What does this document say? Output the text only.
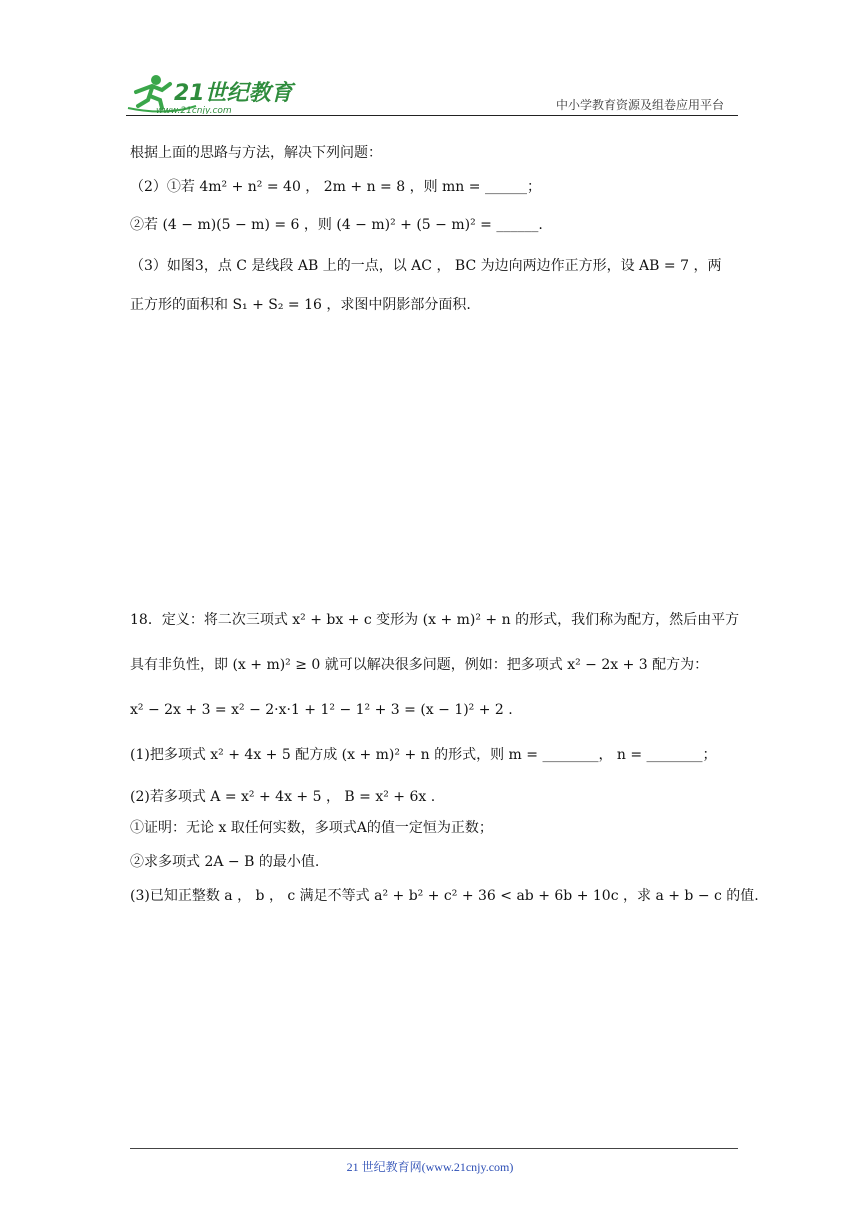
21世纪教育
www.21cnjy.com	中小学教育资源及组卷应用平台
根据上面的思路与方法，解决下列问题：
（2）①若 4m² + n² = 40 ， 2m + n = 8 ，则 mn = ______；
②若 (4 − m)(5 − m) = 6 ，则 (4 − m)² + (5 − m)² = ______.
（3）如图3，点 C 是线段 AB 上的一点，以 AC ， BC 为边向两边作正方形，设 AB = 7 ，两
正方形的面积和 S₁ + S₂ = 16 ，求图中阴影部分面积.
18．定义：将二次三项式 x² + bx + c 变形为 (x + m)² + n 的形式，我们称为配方，然后由平方
具有非负性，即 (x + m)² ≥ 0 就可以解决很多问题，例如：把多项式 x² − 2x + 3 配方为：
x² − 2x + 3 = x² − 2·x·1 + 1² − 1² + 3 = (x − 1)² + 2 .
(1)把多项式 x² + 4x + 5 配方成 (x + m)² + n 的形式，则 m = ________， n = ________；
(2)若多项式 A = x² + 4x + 5 ， B = x² + 6x .
①证明：无论 x 取任何实数，多项式A的值一定恒为正数；
②求多项式 2A − B 的最小值.
(3)已知正整数 a ， b ， c 满足不等式 a² + b² + c² + 36 < ab + 6b + 10c ，求 a + b − c 的值.
21 世纪教育网(www.21cnjy.com)
